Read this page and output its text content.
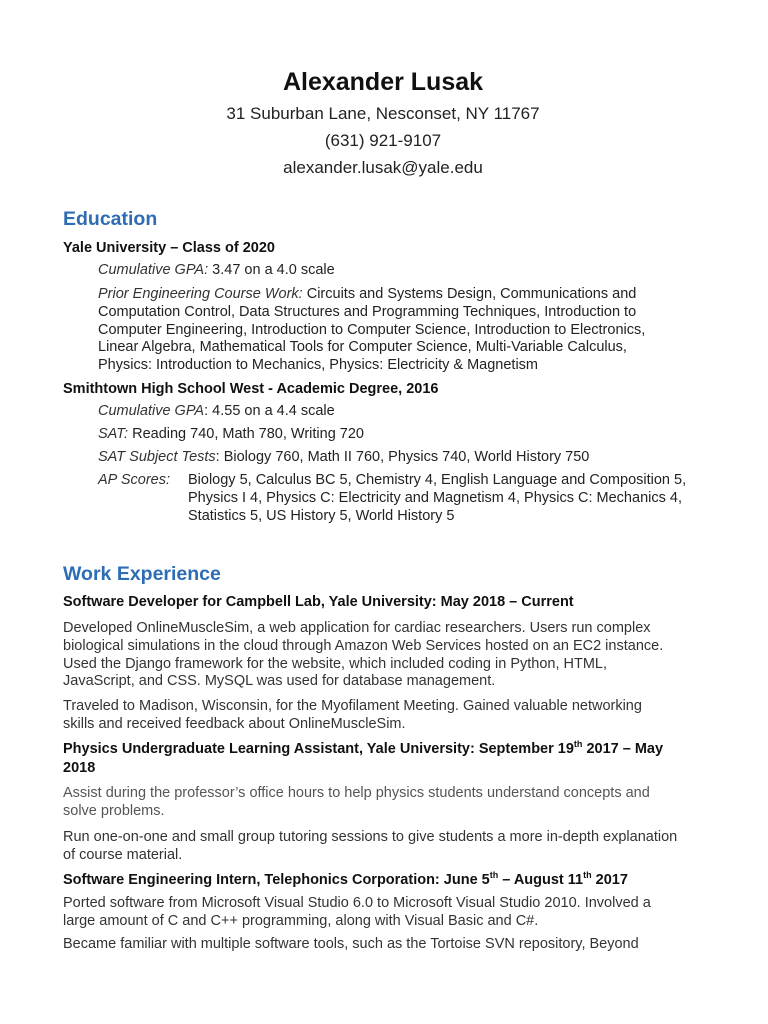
Alexander Lusak
31 Suburban Lane, Nesconset, NY 11767
(631) 921-9107
alexander.lusak@yale.edu
Education
Yale University – Class of 2020
Cumulative GPA: 3.47 on a 4.0 scale
Prior Engineering Course Work: Circuits and Systems Design, Communications and
Computation Control, Data Structures and Programming Techniques, Introduction to
Computer Engineering, Introduction to Computer Science, Introduction to Electronics,
Linear Algebra, Mathematical Tools for Computer Science, Multi-Variable Calculus,
Physics: Introduction to Mechanics, Physics: Electricity & Magnetism
Smithtown High School West - Academic Degree, 2016
Cumulative GPA: 4.55 on a 4.4 scale
SAT: Reading 740, Math 780, Writing 720
SAT Subject Tests: Biology 760, Math II 760, Physics 740, World History 750
AP Scores: Biology 5, Calculus BC 5, Chemistry 4, English Language and Composition 5,
Physics I 4, Physics C: Electricity and Magnetism 4, Physics C: Mechanics 4,
Statistics 5, US History 5, World History 5
Work Experience
Software Developer for Campbell Lab, Yale University: May 2018 – Current
Developed OnlineMuscleSim, a web application for cardiac researchers. Users run complex
biological simulations in the cloud through Amazon Web Services hosted on an EC2 instance.
Used the Django framework for the website, which included coding in Python, HTML,
JavaScript, and CSS. MySQL was used for database management.
Traveled to Madison, Wisconsin, for the Myofilament Meeting. Gained valuable networking
skills and received feedback about OnlineMuscleSim.
Physics Undergraduate Learning Assistant, Yale University: September 19th 2017 – May
2018
Assist during the professor’s office hours to help physics students understand concepts and
solve problems.
Run one-on-one and small group tutoring sessions to give students a more in-depth explanation
of course material.
Software Engineering Intern, Telephonics Corporation: June 5th – August 11th 2017
Ported software from Microsoft Visual Studio 6.0 to Microsoft Visual Studio 2010. Involved a
large amount of C and C++ programming, along with Visual Basic and C#.
Became familiar with multiple software tools, such as the Tortoise SVN repository, Beyond
